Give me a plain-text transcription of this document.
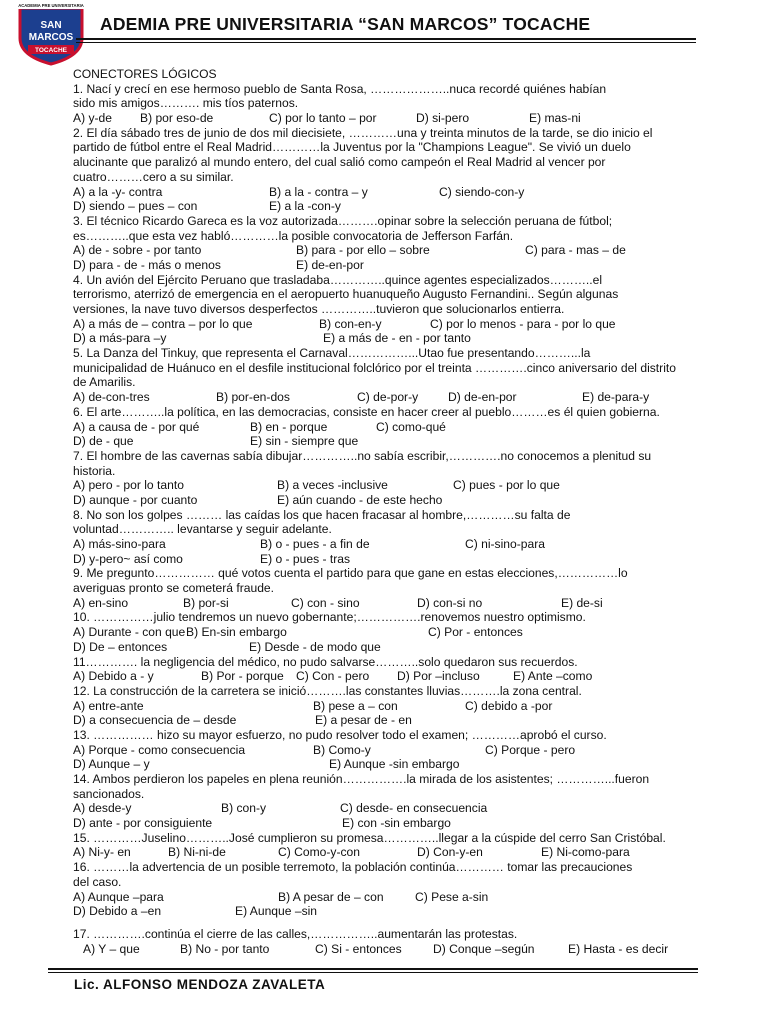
ACADEMIA PRE UNIVERSITARIA
SAN
MARCOS
TOCACHE
ADEMIA PRE UNIVERSITARIA “SAN MARCOS” TOCACHE
CONECTORES LÓGICOS
1. Nací y crecí en ese hermoso pueblo de Santa Rosa, ………………..nuca recordé quiénes habían
sido mis amigos………. mis tíos paternos.
A) y-de B) por eso-de	C) por lo tanto – por	D) si-pero	E) mas-ni
2. El día sábado tres de junio de dos mil diecisiete, …………una y treinta minutos de la tarde, se dio inicio el
partido de fútbol entre el Real Madrid…………la Juventus por la "Champions League". Se vivió un duelo
alucinante que paralizó al mundo entero, del cual salió como campeón el Real Madrid al vencer por
cuatro………cero a su similar.
A) a la -y- contra	B) a la - contra – y	C) siendo-con-y
D) siendo – pues – con	E) a la -con-y
3. El técnico Ricardo Gareca es la voz autorizada……….opinar sobre la selección peruana de fútbol;
es………..que esta vez habló…………la posible convocatoria de Jefferson Farfán.
A) de - sobre - por tanto	B) para - por ello – sobre	C) para - mas – de
D) para - de - más o menos	E) de-en-por
4. Un avión del Ejército Peruano que trasladaba…………..quince agentes especializados………..el
terrorismo, aterrizó de emergencia en el aeropuerto huanuqueño Augusto Fernandini.. Según algunas
versiones, la nave tuvo diversos desperfectos …………..tuvieron que solucionarlos entierra.
A) a más de – contra – por lo que	B) con-en-y	C) por lo menos - para - por lo que
D) a más-para –y	E) a más de - en - por tanto
5. La Danza del Tinkuy, que representa el Carnaval……………...Utao fue presentando………...la
municipalidad de Huánuco en el desfile institucional folclórico por el treinta ………….cinco aniversario del distrito
de Amarilis.
A) de-con-tres	B) por-en-dos	C) de-por-y D) de-en-por	E) de-para-y
6. El arte………..la política, en las democracias, consiste en hacer creer al pueblo………es él quien gobierna.
A) a causa de - por qué	B) en - porque	C) como-qué
D) de - que	E) sin - siempre que
7. El hombre de las cavernas sabía dibujar…………..no sabía escribir,………….no conocemos a plenitud su
historia.
A) pero - por lo tanto	B) a veces -inclusive	C) pues - por lo que
D) aunque - por cuanto	E) aún cuando - de este hecho
8. No son los golpes ……… las caídas los que hacen fracasar al hombre,…………su falta de
voluntad………….. levantarse y seguir adelante.
A) más-sino-para	B) o - pues - a fin de	C) ni-sino-para
D) y-pero~ así como	E) o - pues - tras
9. Me pregunto…………… qué votos cuenta el partido para que gane en estas elecciones,……………lo
averiguas pronto se cometerá fraude.
A) en-sino	B) por-si	C) con - sino	D) con-si no	E) de-si
10. ……………julio tendremos un nuevo gobernante;…………….renovemos nuestro optimismo.
A) Durante - con que B) En-sin embargo	C) Por - entonces
D) De – entonces	E) Desde - de modo que
11…………. la negligencia del médico, no pudo salvarse………..solo quedaron sus recuerdos.
A) Debido a - y	B) Por - porque C) Con - pero D) Por –incluso	E) Ante –como
12. La construcción de la carretera se inició……….las constantes lluvias……….la zona central.
A) entre-ante	B) pese a – con	C) debido a -por
D) a consecuencia de – desde	E) a pesar de - en
13. …………… hizo su mayor esfuerzo, no pudo resolver todo el examen; …………aprobó el curso.
A) Porque - como consecuencia	B) Como-y	C) Porque - pero
D) Aunque – y	E) Aunque -sin embargo
14. Ambos perdieron los papeles en plena reunión…………….la mirada de los asistentes; …………...fueron
sancionados.
A) desde-y	B) con-y	C) desde- en consecuencia
D) ante - por consiguiente	E) con -sin embargo
15. …………Juselino………..José cumplieron su promesa…………..llegar a la cúspide del cerro San Cristóbal.
A) Ni-y- en	B) Ni-ni-de	C) Como-y-con	D) Con-y-en	E) Ni-como-para
16. ………la advertencia de un posible terremoto, la población continúa………… tomar las precauciones
del caso.
A) Aunque –para	B) A pesar de – con	C) Pese a-sin
D) Debido a –en	E) Aunque –sin
17. ………….continúa el cierre de las calles,……………..aumentarán las protestas.
A) Y – que	B) No - por tanto	C) Si - entonces	D) Conque –según	E) Hasta - es decir
Lic. ALFONSO MENDOZA ZAVALETA
